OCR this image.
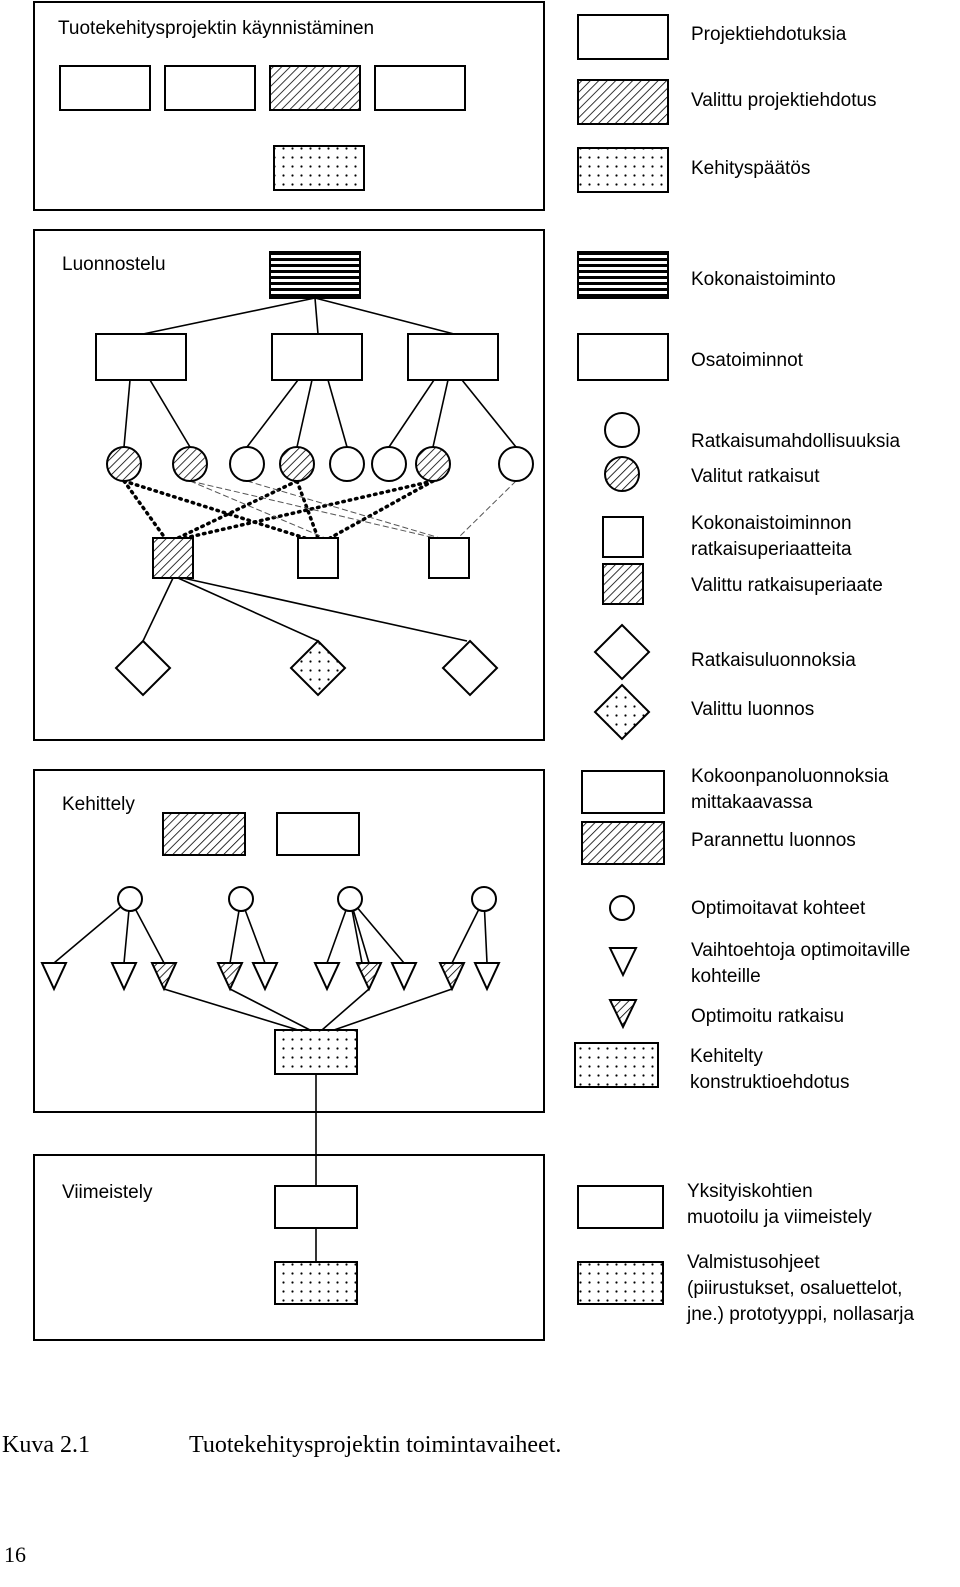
Tuotekehitysprojektin käynnistäminen
Luonnostelu
Kehittely
Viimeistely
Projektiehdotuksia
Valittu projektiehdotus
Kehityspäätös
Kokonaistoiminto
Osatoiminnot
Ratkaisumahdollisuuksia
Valitut ratkaisut
Kokonaistoiminnon
ratkaisuperiaatteita
Valittu ratkaisuperiaate
Ratkaisuluonnoksia
Valittu luonnos
Kokoonpanoluonnoksia
mittakaavassa
Parannettu luonnos
Optimoitavat kohteet
Vaihtoehtoja optimoitaville
kohteille
Optimoitu ratkaisu
Kehitelty
konstruktioehdotus
Yksityiskohtien
muotoilu ja viimeistely
Valmistusohjeet
(piirustukset, osaluettelot,
jne.) prototyyppi, nollasarja
Kuva 2.1	Tuotekehitysprojektin toimintavaiheet.
16
